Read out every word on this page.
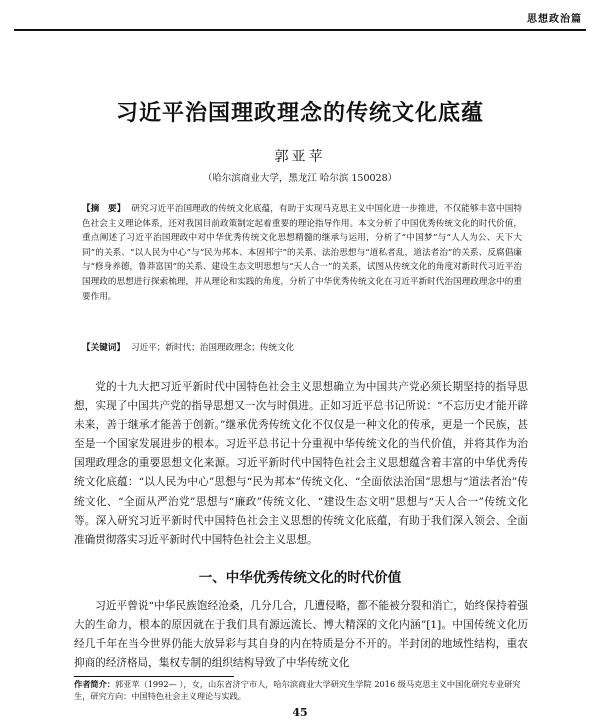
思想政治篇
习近平治国理政理念的传统文化底蕴
郭亚苹
（哈尔滨商业大学，黑龙江 哈尔滨 150028）
【摘　要】 研究习近平治国理政的传统文化底蕴，有助于实现马克思主义中国化进一步推进，不仅能够丰富中国特色社会主义理论体系，还对我国目前政策制定起着重要的理论指导作用。本文分析了中国优秀传统文化的时代价值，重点阐述了习近平治国理政中对中华优秀传统文化思想精髓的继承与运用，分析了“中国梦”与“人人为公、天下大同”的关系、“以人民为中心”与“民为邦本、本固邦宁”的关系、法治思想与“道私者乱，道法者治”的关系、反腐倡廉与“修身养德，鲁莽富国”的关系、建设生态文明思想与“天人合一”的关系，试图从传统文化的角度对新时代习近平治国理政的思想进行探索梳理，并从理论和实践的角度，分析了中华优秀传统文化在习近平新时代治国理政理念中的重要作用。
【关键词】 习近平；新时代；治国理政理念；传统文化

党的十九大把习近平新时代中国特色社会主义思想确立为中国共产党必须长期坚持的指导思想，实现了中国共产党的指导思想又一次与时俱进。正如习近平总书记所说：“不忘历史才能开辟未来，善于继承才能善于创新。”继承优秀传统文化不仅仅是一种文化的传承，更是一个民族，甚至是一个国家发展进步的根本。习近平总书记十分重视中华传统文化的当代价值，并将其作为治国理政理念的重要思想文化来源。习近平新时代中国特色社会主义思想蕴含着丰富的中华优秀传统文化底蕴：“以人民为中心”思想与“民为邦本”传统文化、“全面依法治国”思想与“道法者治”传统文化、“全面从严治党”思想与“廉政”传统文化、“建设生态文明”思想与“天人合一”传统文化等。深入研究习近平新时代中国特色社会主义思想的传统文化底蕴，有助于我们深入领会、全面准确贯彻落实习近平新时代中国特色社会主义思想。

一、中华优秀传统文化的时代价值

习近平曾说“中华民族饱经沧桑，几分几合，几遭侵略，都不能被分裂和消亡，始终保持着强大的生命力，根本的原因就在于我们具有源远流长、博大精深的文化内涵”[1]。中国传统文化历经几千年在当今世界仍能大放异彩与其自身的内在特质是分不开的。半封闭的地域性结构，重农抑商的经济格局，集权专制的组织结构导致了中华传统文化

作者简介：郭亚苹（1992— ），女，山东省济宁市人，哈尔滨商业大学研究生学院 2016 级马克思主义中国化研究专业研究生，研究方向：中国特色社会主义理论与实践。
45
